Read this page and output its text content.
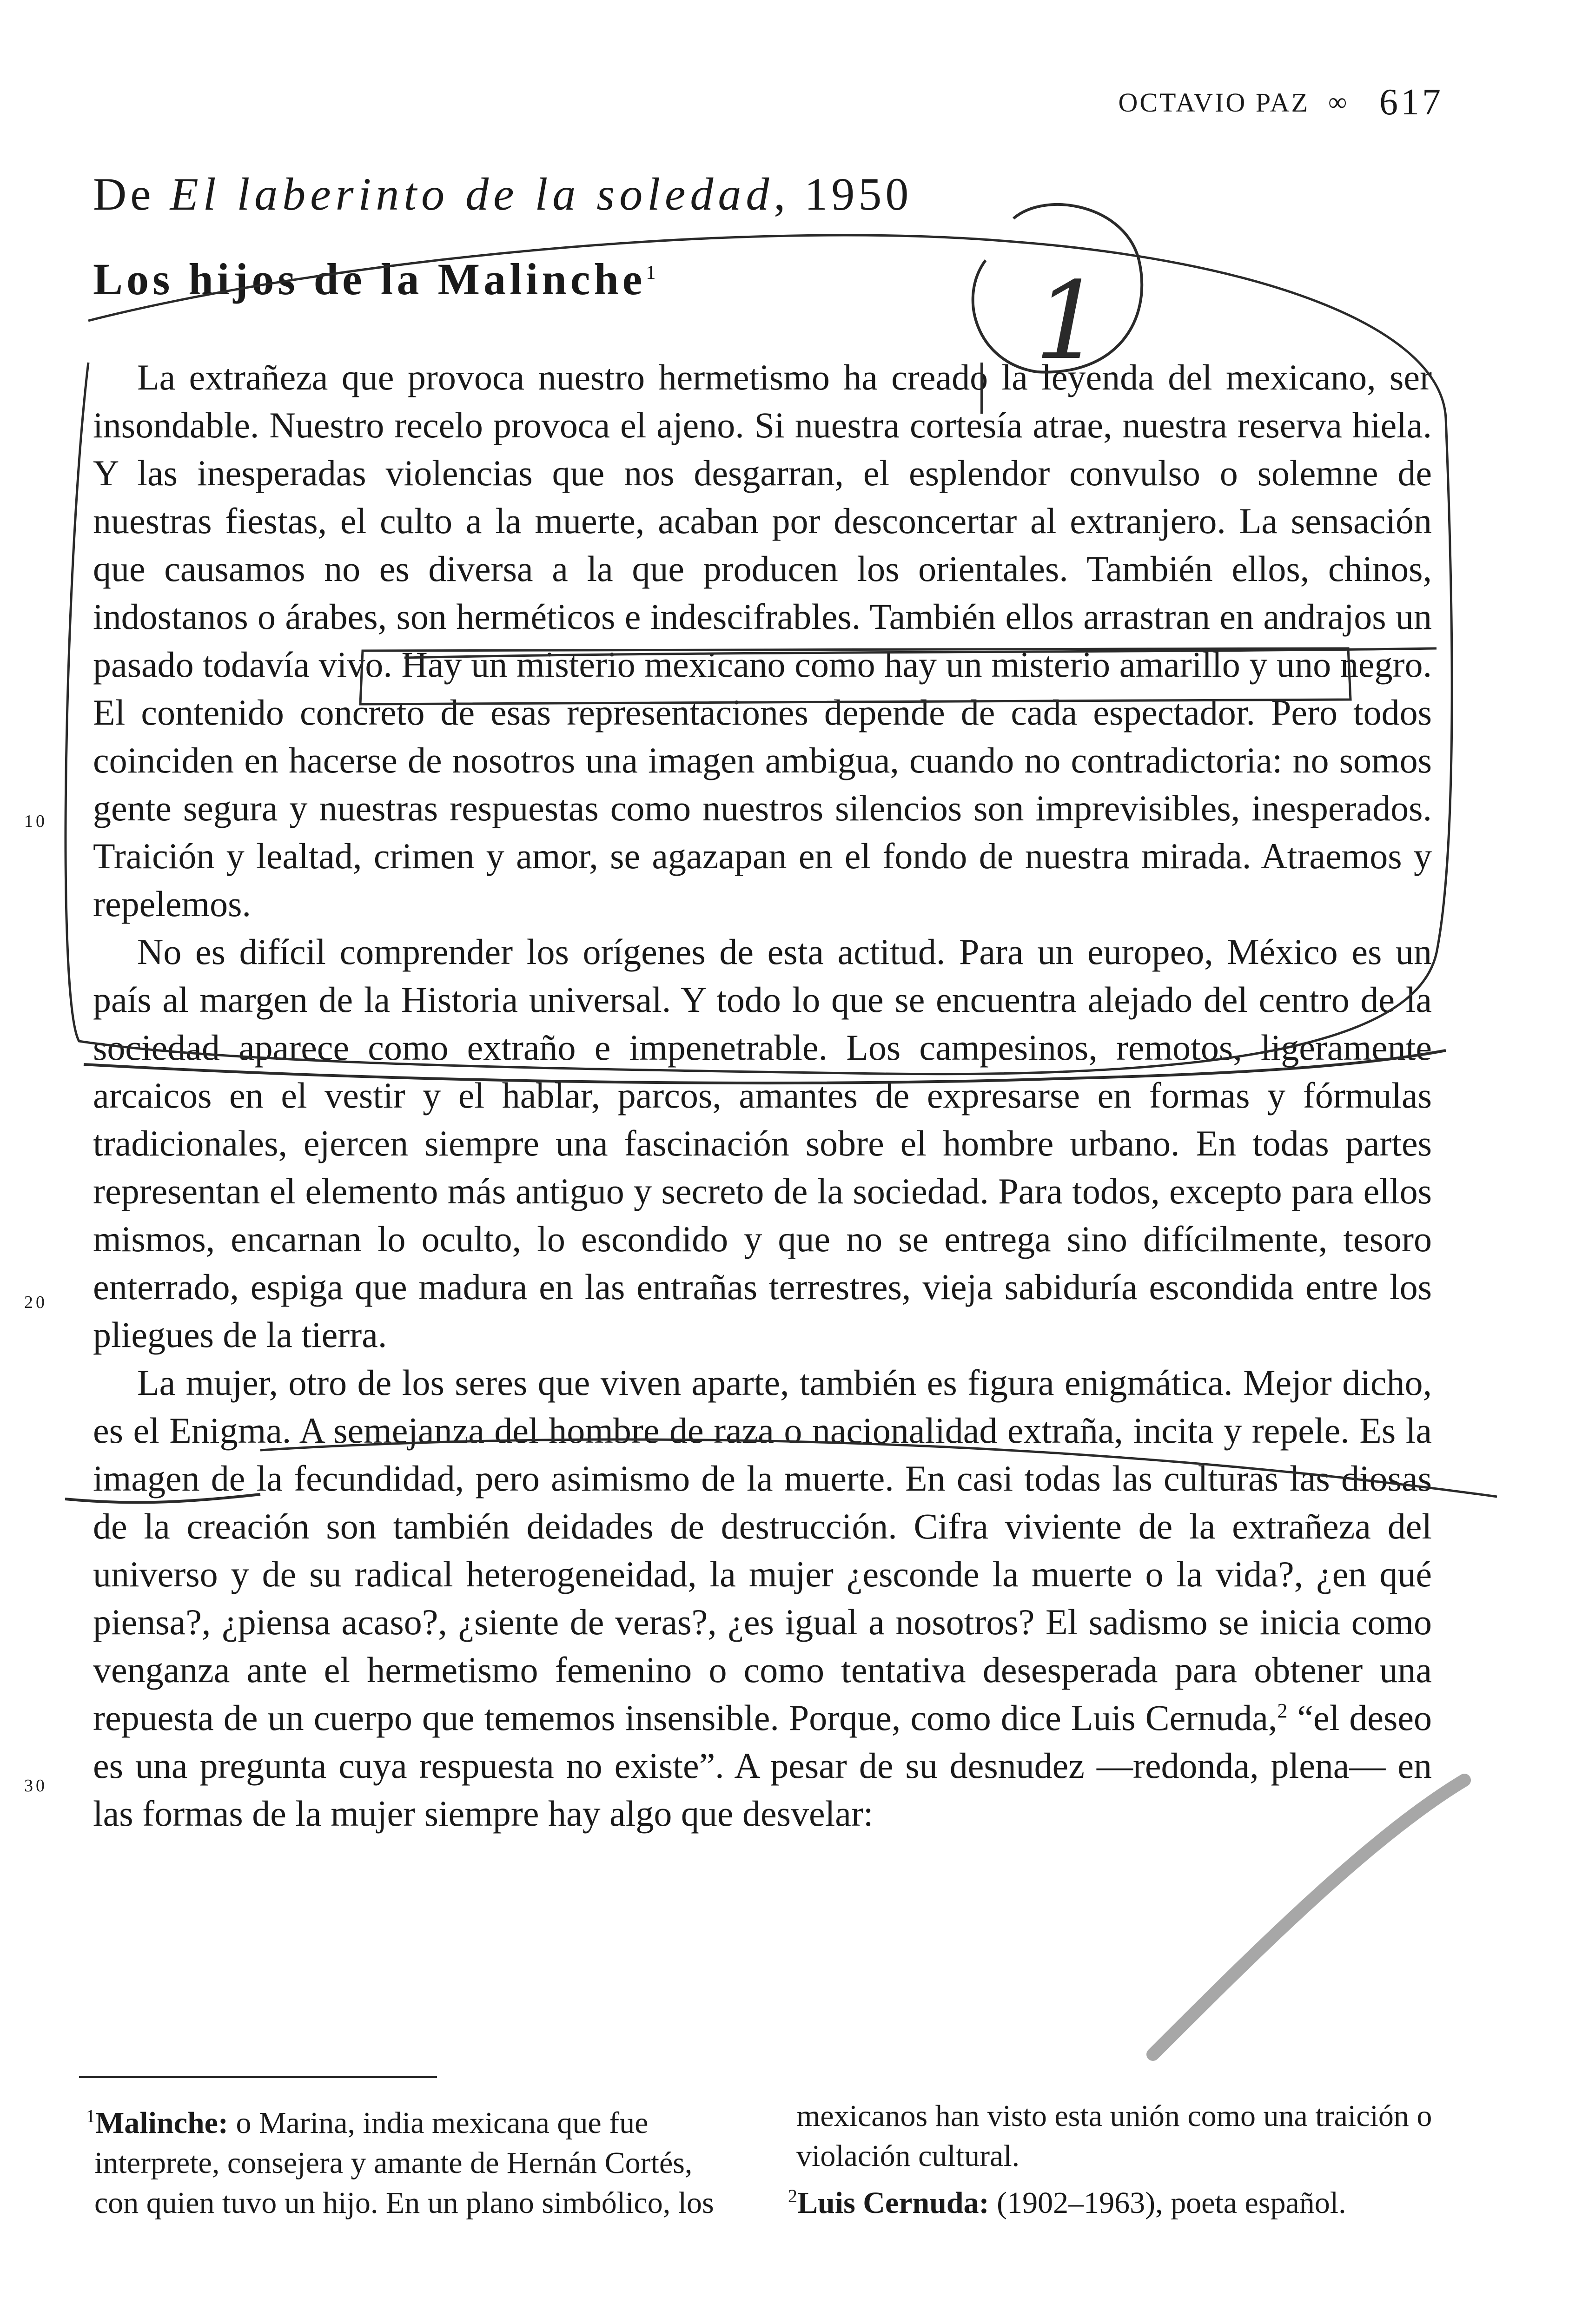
OCTAVIO PAZ ∞ 617
De El laberinto de la soledad, 1950
Los hijos de la Malinche$^1$

La extrañeza que provoca nuestro hermetismo ha creado la leyenda del mexicano, ser insondable. Nuestro recelo provoca el ajeno. Si nuestra cortesía atrae, nuestra reserva hiela. Y las inesperadas violencias que nos desgarran, el esplendor convulso o solemne de nuestras fiestas, el culto a la muerte, acaban por desconcertar al extranjero. La sensación que causamos no es diversa a la que producen los orientales. También ellos, chinos, indostanos o árabes, son herméticos e indescifrables. También ellos arrastran en andrajos un pasado todavía vivo. Hay un misterio mexicano como hay un misterio amarillo y uno negro. El contenido concreto de esas representaciones depende de cada espectador. Pero todos coinciden en hacerse de nosotros una imagen ambigua, cuando no contradictoria: no somos gente segura y nuestras respuestas como nuestros silencios son imprevisibles, inesperados. Traición y lealtad, crimen y amor, se agazapan en el fondo de nuestra mirada. Atraemos y repelemos.

No es difícil comprender los orígenes de esta actitud. Para un europeo, México es un país al margen de la Historia universal. Y todo lo que se encuentra alejado del centro de la sociedad aparece como extraño e impenetrable. Los campesinos, remotos, ligeramente arcaicos en el vestir y el hablar, parcos, amantes de expresarse en formas y fórmulas tradicionales, ejercen siempre una fascinación sobre el hombre urbano. En todas partes representan el elemento más antiguo y secreto de la sociedad. Para todos, excepto para ellos mismos, encarnan lo oculto, lo escondido y que no se entrega sino difícilmente, tesoro enterrado, espiga que madura en las entrañas terrestres, vieja sabiduría escondida entre los pliegues de la tierra.

La mujer, otro de los seres que viven aparte, también es figura enigmática. Mejor dicho, es el Enigma. A semejanza del hombre de raza o nacionalidad extraña, incita y repele. Es la imagen de la fecundidad, pero asimismo de la muerte. En casi todas las culturas las diosas de la creación son también deidades de destrucción. Cifra viviente de la extrañeza del universo y de su radical heterogeneidad, la mujer ¿esconde la muerte o la vida?, ¿en qué piensa?, ¿piensa acaso?, ¿siente de veras?, ¿es igual a nosotros? El sadismo se inicia como venganza ante el hermetismo femenino o como tentativa desesperada para obtener una repuesta de un cuerpo que tememos insensible. Porque, como dice Luis Cernuda,$^2$ “el deseo es una pregunta cuya respuesta no existe”. A pesar de su desnudez —redonda, plena— en las formas de la mujer siempre hay algo que desvelar:

10
20
30

$^1$Malinche: o Marina, india mexicana que fue interprete, consejera y amante de Hernán Cortés, con quien tuvo un hijo. En un plano simbólico, los mexicanos han visto esta unión como una traición o violación cultural.

$^2$Luis Cernuda: (1902–1963), poeta español.

1
